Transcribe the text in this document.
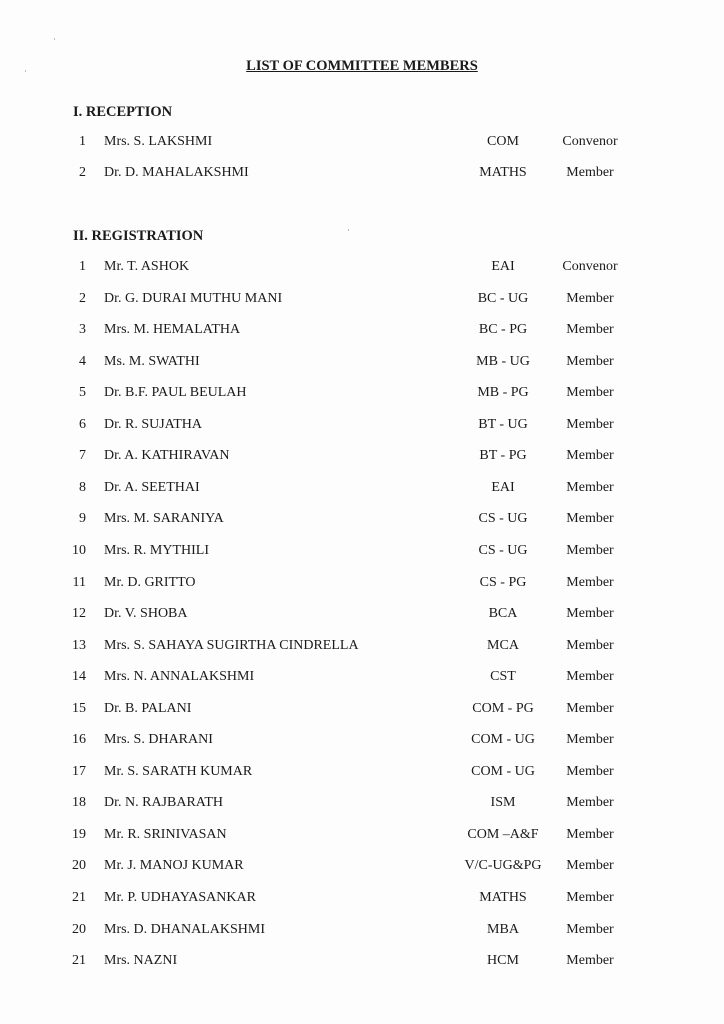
LIST OF COMMITTEE MEMBERS
I. RECEPTION
1 Mrs. S. LAKSHMI	COM	Convenor
2 Dr. D. MAHALAKSHMI	MATHS	Member
II. REGISTRATION
1 Mr. T. ASHOK	EAI	Convenor
2 Dr. G. DURAI MUTHU MANI	BC - UG	Member
3 Mrs. M. HEMALATHA	BC - PG	Member
4 Ms. M. SWATHI	MB - UG	Member
5 Dr. B.F. PAUL BEULAH	MB - PG	Member
6 Dr. R. SUJATHA	BT - UG	Member
7 Dr. A. KATHIRAVAN	BT - PG	Member
8 Dr. A. SEETHAI	EAI	Member
9 Mrs. M. SARANIYA	CS - UG	Member
10 Mrs. R. MYTHILI	CS - UG	Member
11 Mr. D. GRITTO	CS - PG	Member
12 Dr. V. SHOBA	BCA	Member
13 Mrs. S. SAHAYA SUGIRTHA CINDRELLA	MCA	Member
14 Mrs. N. ANNALAKSHMI	CST	Member
15 Dr. B. PALANI	COM - PG	Member
16 Mrs. S. DHARANI	COM - UG	Member
17 Mr. S. SARATH KUMAR	COM - UG	Member
18 Dr. N. RAJBARATH	ISM	Member
19 Mr. R. SRINIVASAN	COM –A&F	Member
20 Mr. J. MANOJ KUMAR	V/C-UG&PG	Member
21 Mr. P. UDHAYASANKAR	MATHS	Member
20 Mrs. D. DHANALAKSHMI	MBA	Member
21 Mrs. NAZNI	HCM	Member
